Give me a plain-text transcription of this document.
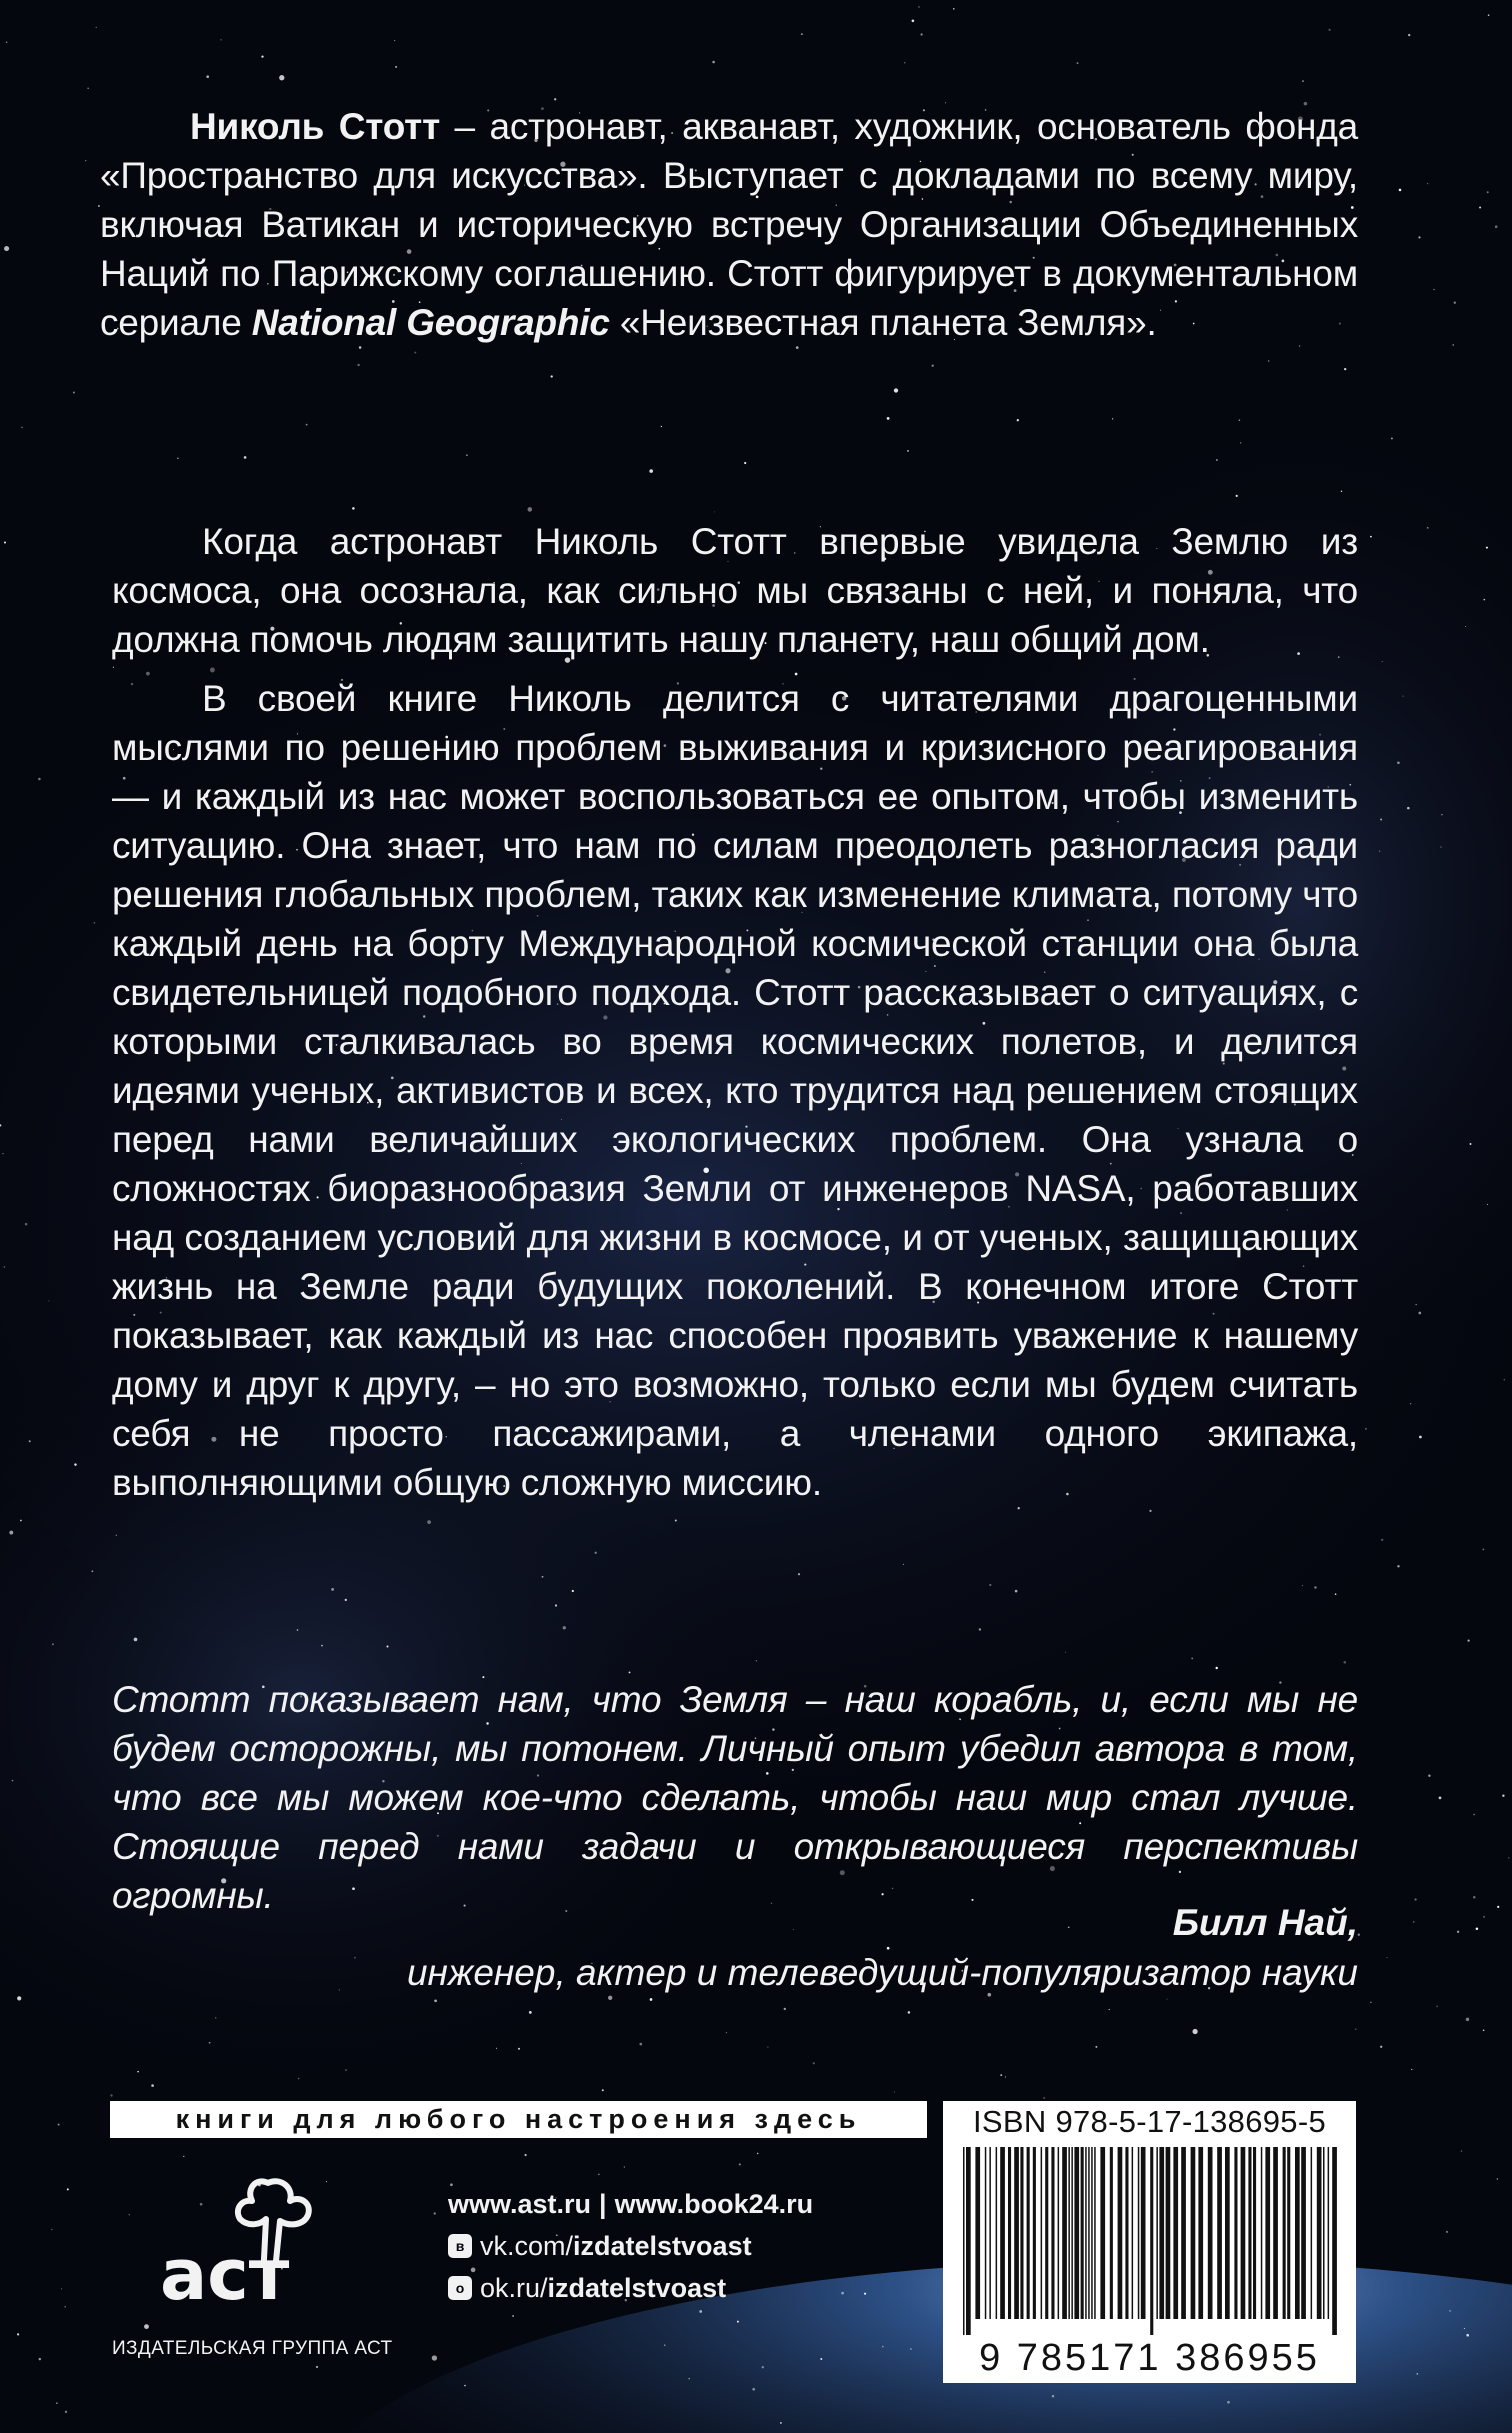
Николь Стотт – астронавт, акванавт, художник, основатель фонда «Пространство для искусства». Выступает с докладами по всему миру, включая Ватикан и историческую встречу Организации Объединенных Наций по Парижскому соглашению. Стотт фигурирует в документальном сериале National Geographic «Неизвестная планета Земля».

Когда астронавт Николь Стотт впервые увидела Землю из космоса, она осознала, как сильно мы связаны с ней, и поняла, что должна помочь людям защитить нашу планету, наш общий дом.

В своей книге Николь делится с читателями драгоценными мыслями по решению проблем выживания и кризисного реагирования — и каждый из нас может воспользоваться ее опытом, чтобы изменить ситуацию. Она знает, что нам по силам преодолеть разногласия ради решения глобальных проблем, таких как изменение климата, потому что каждый день на борту Международной космической станции она была свидетельницей подобного подхода. Стотт рассказывает о ситуациях, с которыми сталкивалась во время космических полетов, и делится идеями ученых, активистов и всех, кто трудится над решением стоящих перед нами величайших экологических проблем. Она узнала о сложностях биоразнообразия Земли от инженеров NASA, работавших над созданием условий для жизни в космосе, и от ученых, защищающих жизнь на Земле ради будущих поколений. В конечном итоге Стотт показывает, как каждый из нас способен проявить уважение к нашему дому и друг к другу, – но это возможно, только если мы будем считать себя не просто пассажирами, а членами одного экипажа, выполняющими общую сложную миссию.

Стотт показывает нам, что Земля – наш корабль, и, если мы не будем осторожны, мы потонем. Личный опыт убедил автора в том, что все мы можем кое-что сделать, чтобы наш мир стал лучше. Стоящие перед нами задачи и открывающиеся перспективы огромны.

Билл Най,
инженер, актер и телеведущий-популяризатор науки
книги для любого настроения здесь	ISBN 978-5-17-138695-5
9 785171 386955
аст
ИЗДАТЕЛЬСКАЯ ГРУППА АСТ
www.ast.ru | www.book24.ru
в vk.com/ izdatelstvoast
о ok.ru/ izdatelstvoast
